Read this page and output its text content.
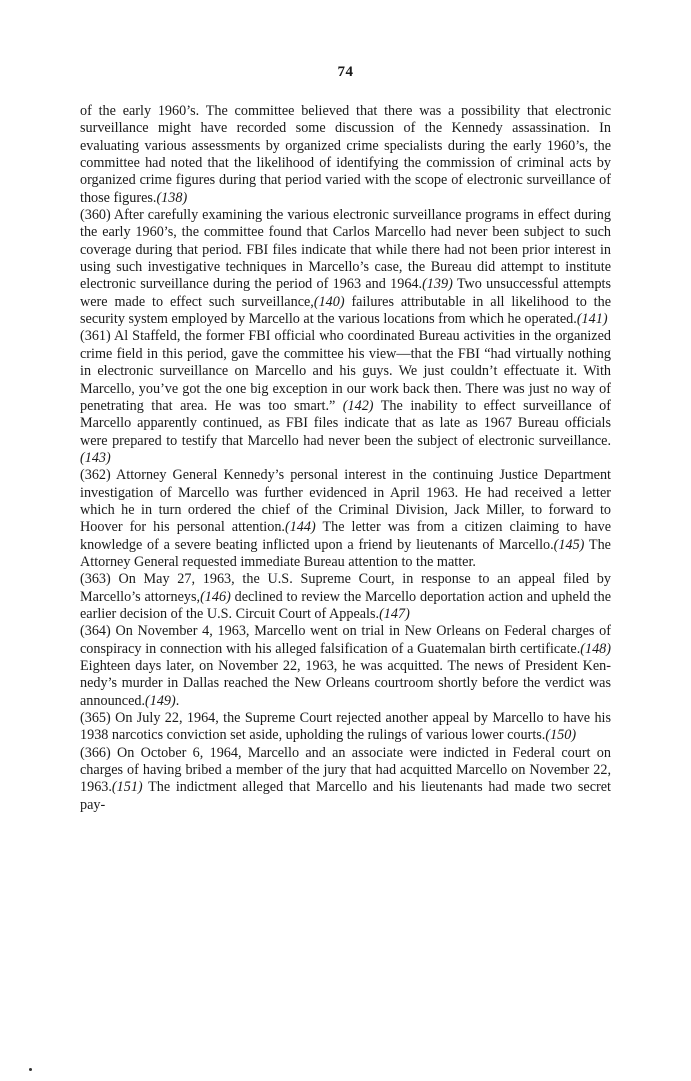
74

of the early 1960’s. The committee believed that there was a possibility that electronic surveillance might have recorded some discussion of the Kennedy assassination. In evaluating various assessments by organized crime specialists during the early 1960’s, the committee had noted that the likelihood of identifying the commission of criminal acts by organized crime figures during that period varied with the scope of electronic surveillance of those figures.(138)

(360) After carefully examining the various electronic surveillance programs in effect during the early 1960’s, the committee found that Carlos Marcello had never been subject to such coverage during that period. FBI files indicate that while there had not been prior interest in using such investigative techniques in Marcello’s case, the Bureau did attempt to institute electronic surveillance during the period of 1963 and 1964.(139) Two unsuccessful attempts were made to effect such surveillance,(140) failures attributable in all likelihood to the security system employed by Marcello at the various locations from which he operated.(141)

(361) Al Staffeld, the former FBI official who coordinated Bureau activities in the organized crime field in this period, gave the committee his view—that the FBI “had virtually nothing in electronic surveillance on Marcello and his guys. We just couldn’t effectuate it. With Marcello, you’ve got the one big exception in our work back then. There was just no way of penetrating that area. He was too smart.” (142) The inability to effect surveillance of Marcello apparently continued, as FBI files indicate that as late as 1967 Bureau officials were prepared to testify that Marcello had never been the subject of electronic surveillance.(143)

(362) Attorney General Kennedy’s personal interest in the continuing Justice Department investigation of Marcello was further evidenced in April 1963. He had received a letter which he in turn ordered the chief of the Criminal Division, Jack Miller, to forward to Hoover for his personal attention.(144) The letter was from a citizen claiming to have knowledge of a severe beating inflicted upon a friend by lieutenants of Marcello.(145) The Attorney General requested immediate Bureau attention to the matter.

(363) On May 27, 1963, the U.S. Supreme Court, in response to an appeal filed by Marcello’s attorneys,(146) declined to review the Marcello deportation action and upheld the earlier decision of the U.S. Circuit Court of Appeals.(147)

(364) On November 4, 1963, Marcello went on trial in New Orleans on Federal charges of conspiracy in connection with his alleged falsification of a Guatemalan birth certificate.(148) Eighteen days later, on November 22, 1963, he was acquitted. The news of President Kennedy’s murder in Dallas reached the New Orleans courtroom shortly before the verdict was announced.(149).

(365) On July 22, 1964, the Supreme Court rejected another appeal by Marcello to have his 1938 narcotics conviction set aside, upholding the rulings of various lower courts.(150)

(366) On October 6, 1964, Marcello and an associate were indicted in Federal court on charges of having bribed a member of the jury that had acquitted Marcello on November 22, 1963.(151) The indictment alleged that Marcello and his lieutenants had made two secret pay-
